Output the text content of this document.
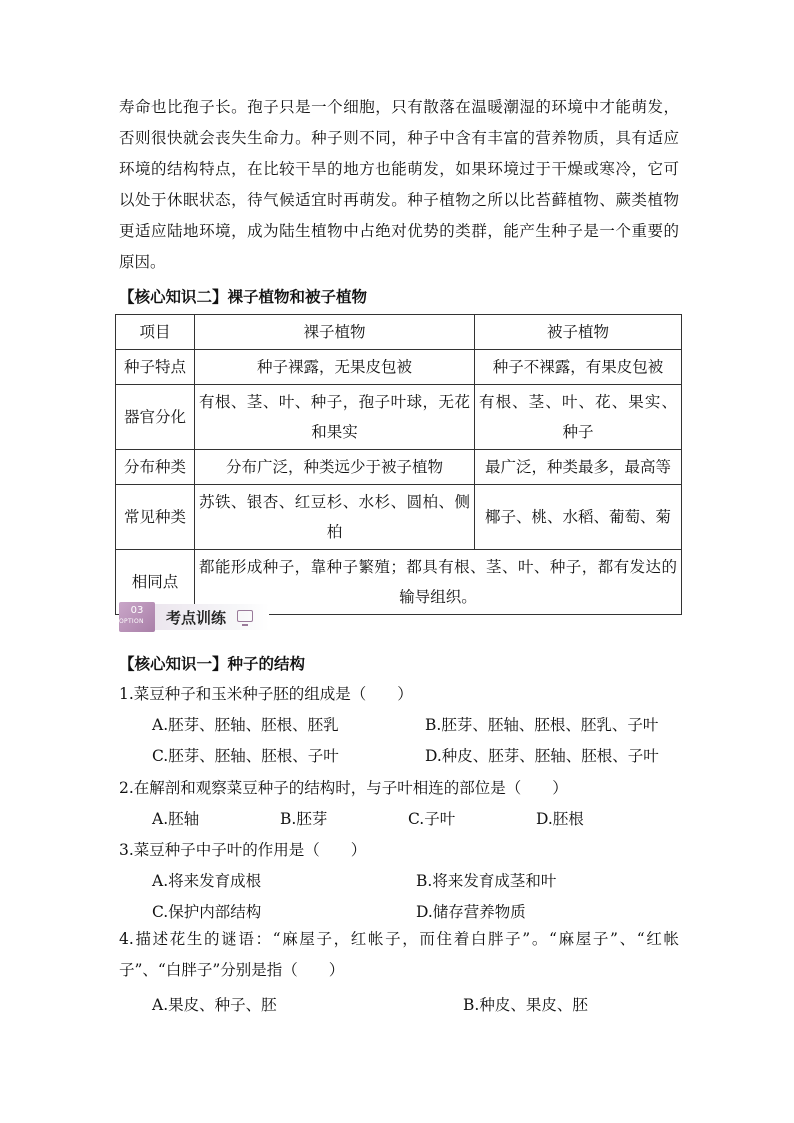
寿命也比孢子长。孢子只是一个细胞，只有散落在温暖潮湿的环境中才能萌发，
否则很快就会丧失生命力。种子则不同，种子中含有丰富的营养物质，具有适应
环境的结构特点，在比较干旱的地方也能萌发，如果环境过于干燥或寒冷，它可
以处于休眠状态，待气候适宜时再萌发。种子植物之所以比苔藓植物、蕨类植物
更适应陆地环境，成为陆生植物中占绝对优势的类群，能产生种子是一个重要的
原因。
【核心知识二】裸子植物和被子植物
项目	裸子植物	被子植物
种子特点	种子裸露，无果皮包被	种子不裸露，有果皮包被
器官分化	有根、茎、叶、种子，孢子叶球，无花和果实	有根、茎、叶、花、果实、种子
分布种类	分布广泛，种类远少于被子植物	最广泛，种类最多，最高等
常见种类	苏铁、银杏、红豆杉、水杉、圆柏、侧柏	椰子、桃、水稻、葡萄、菊
相同点	都能形成种子，靠种子繁殖；都具有根、茎、叶、种子，都有发达的输导组织。	
03
OPTION 考点训练
【核心知识一】种子的结构
1.菜豆种子和玉米种子胚的组成是（　　）
A.胚芽、胚轴、胚根、胚乳	B.胚芽、胚轴、胚根、胚乳、子叶
C.胚芽、胚轴、胚根、子叶	D.种皮、胚芽、胚轴、胚根、子叶
2.在解剖和观察菜豆种子的结构时，与子叶相连的部位是（　　）
A.胚轴	B.胚芽	C.子叶	D.胚根
3.菜豆种子中子叶的作用是（　　）
A.将来发育成根	B.将来发育成茎和叶
C.保护内部结构	D.储存营养物质
4.描述花生的谜语：“麻屋子，红帐子，而住着白胖子”。“麻屋子”、“红帐
子”、“白胖子”分别是指（　　）
A.果皮、种子、胚	B.种皮、果皮、胚
